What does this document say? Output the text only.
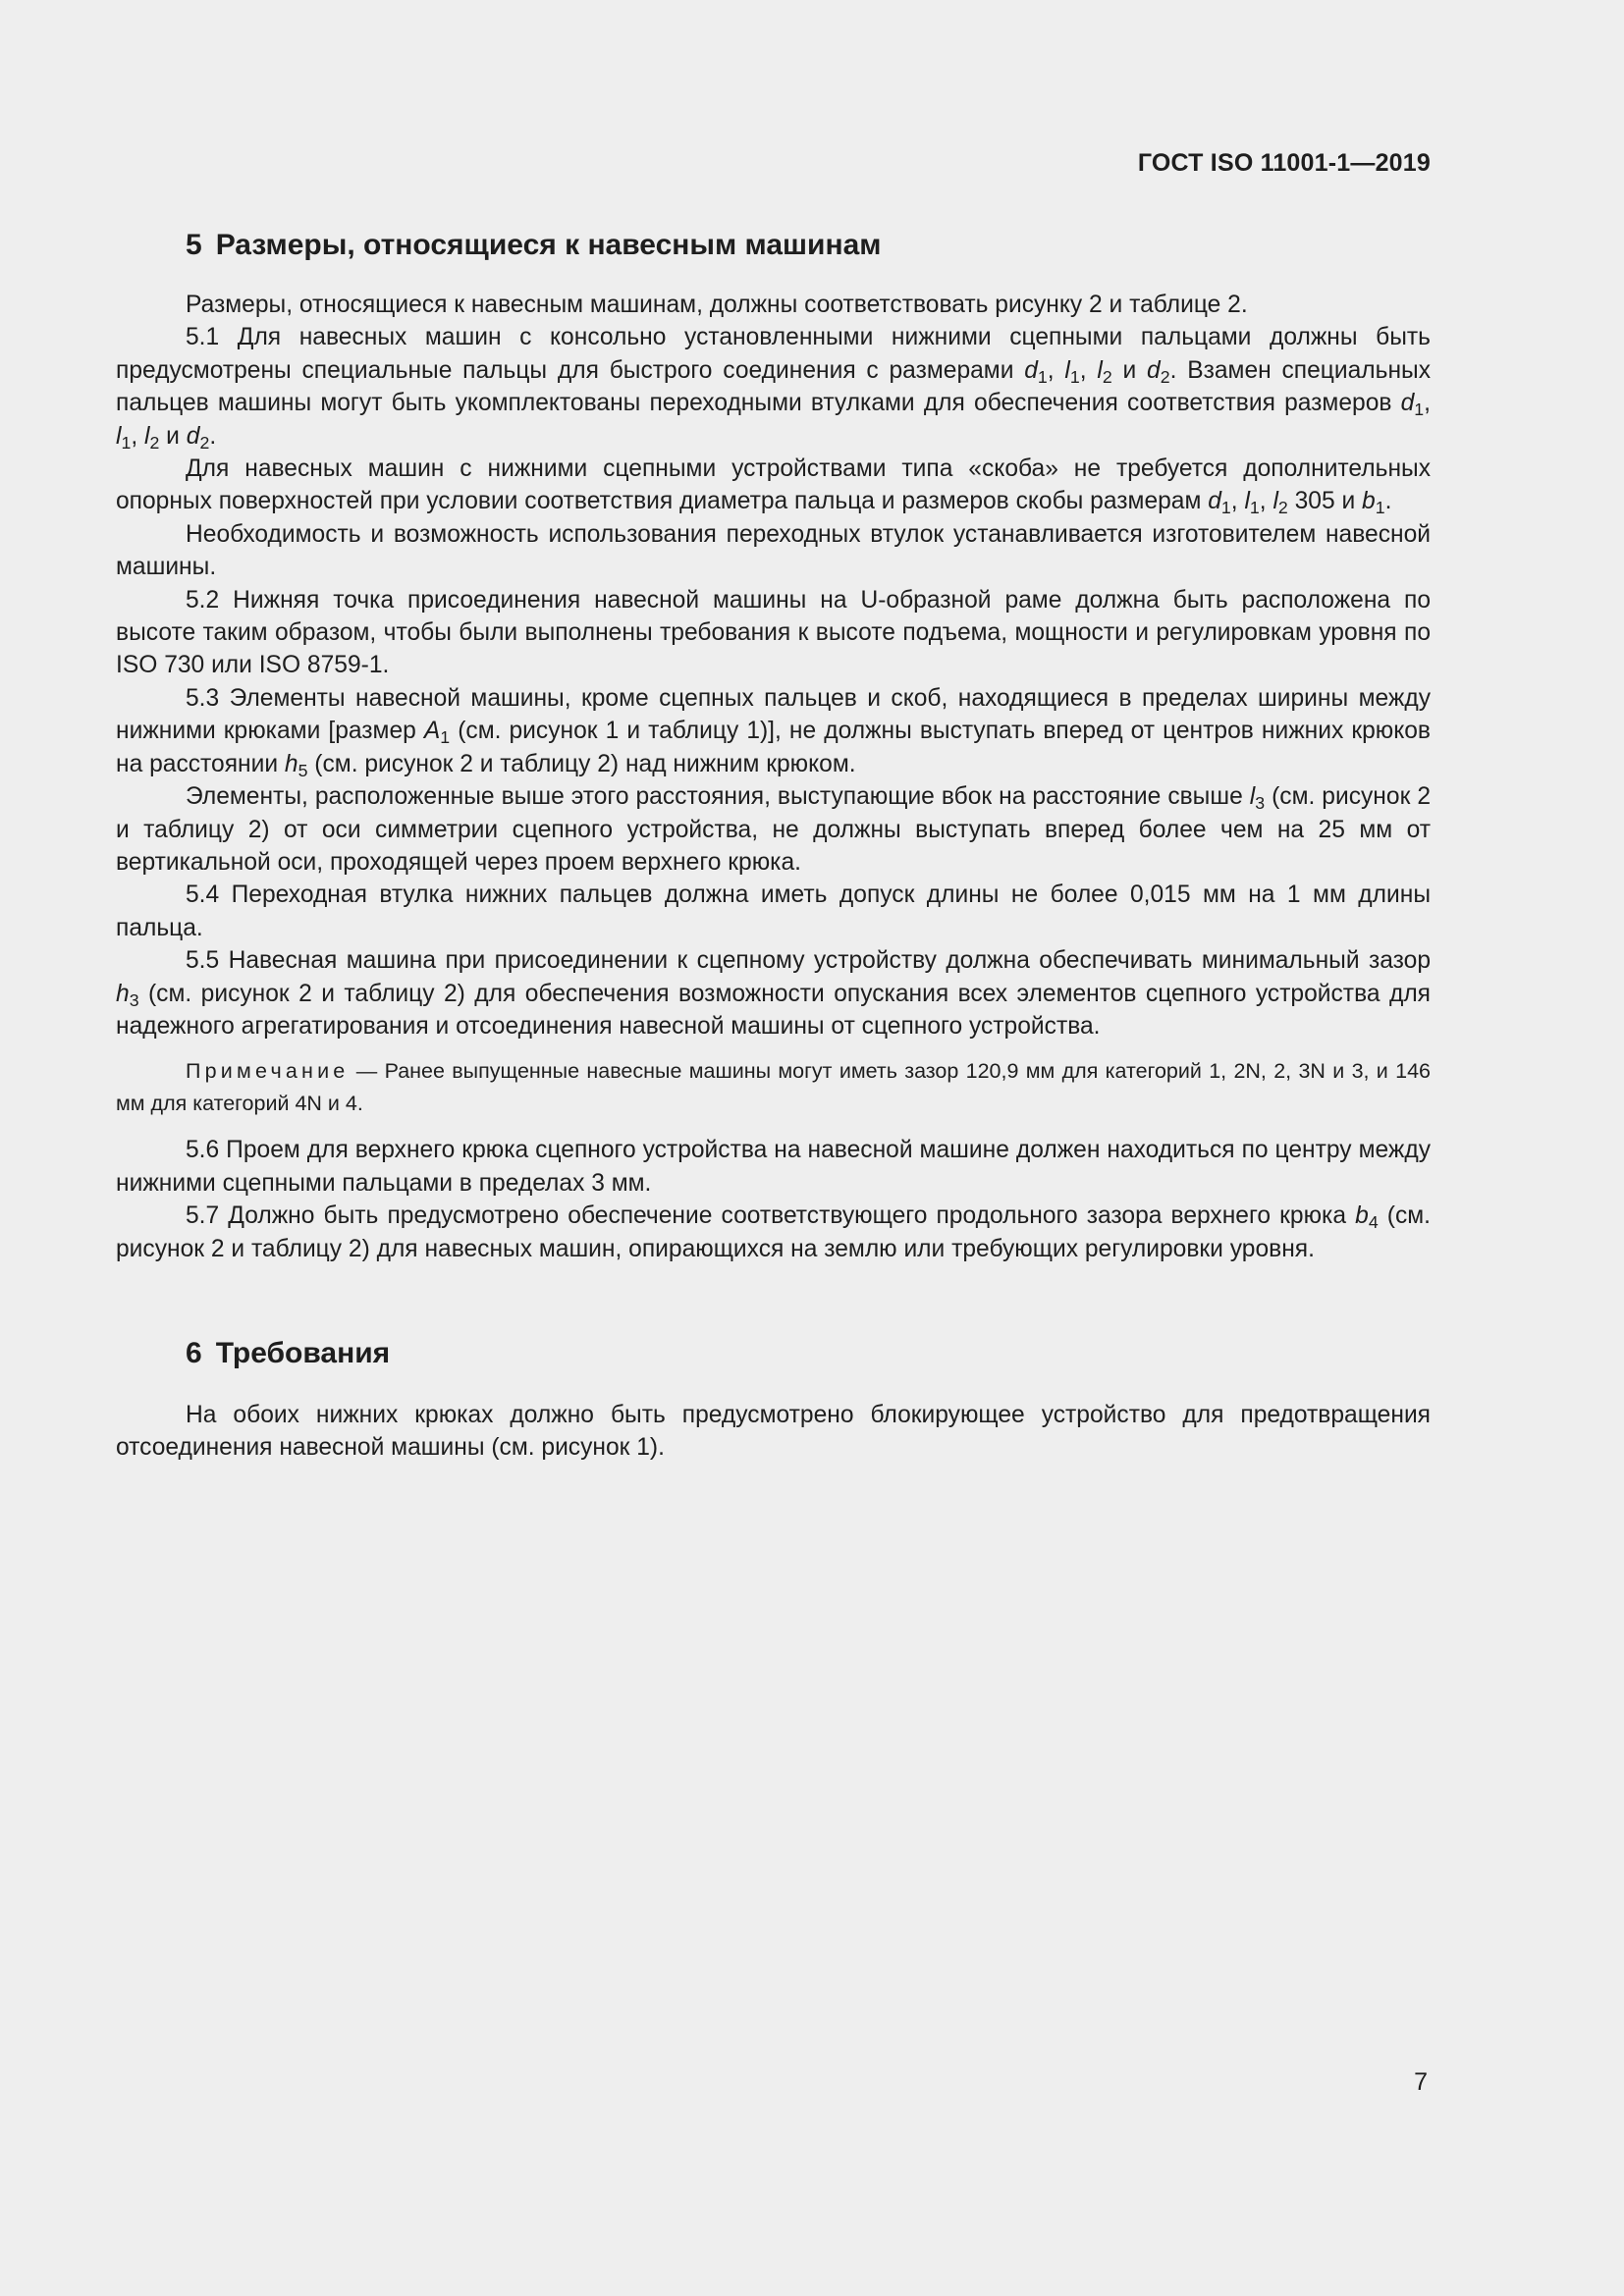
ГОСТ ISO 11001-1—2019
5 Размеры, относящиеся к навесным машинам

Размеры, относящиеся к навесным машинам, должны соответствовать рисунку 2 и таблице 2.

5.1 Для навесных машин с консольно установленными нижними сцепными пальцами должны быть предусмотрены специальные пальцы для быстрого соединения с размерами $d_1$, $l_1$, $l_2$ и $d_2$. Взамен специальных пальцев машины могут быть укомплектованы переходными втулками для обеспечения соответствия размеров $d_1$, $l_1$, $l_2$ и $d_2$.

Для навесных машин с нижними сцепными устройствами типа «скоба» не требуется дополнительных опорных поверхностей при условии соответствия диаметра пальца и размеров скобы размерам $d_1$, $l_1$, $l_2$ 305 и $b_1$.

Необходимость и возможность использования переходных втулок устанавливается изготовителем навесной машины.

5.2 Нижняя точка присоединения навесной машины на U-образной раме должна быть расположена по высоте таким образом, чтобы были выполнены требования к высоте подъема, мощности и регулировкам уровня по ISO 730 или ISO 8759-1.

5.3 Элементы навесной машины, кроме сцепных пальцев и скоб, находящиеся в пределах ширины между нижними крюками [размер $A_1$ (см. рисунок 1 и таблицу 1)], не должны выступать вперед от центров нижних крюков на расстоянии $h_5$ (см. рисунок 2 и таблицу 2) над нижним крюком.

Элементы, расположенные выше этого расстояния, выступающие вбок на расстояние свыше $l_3$ (см. рисунок 2 и таблицу 2) от оси симметрии сцепного устройства, не должны выступать вперед более чем на 25 мм от вертикальной оси, проходящей через проем верхнего крюка.

5.4 Переходная втулка нижних пальцев должна иметь допуск длины не более 0,015 мм на 1 мм длины пальца.

5.5 Навесная машина при присоединении к сцепному устройству должна обеспечивать минимальный зазор $h_3$ (см. рисунок 2 и таблицу 2) для обеспечения возможности опускания всех элементов сцепного устройства для надежного агрегатирования и отсоединения навесной машины от сцепного устройства.

Примечание — Ранее выпущенные навесные машины могут иметь зазор 120,9 мм для категорий 1, 2N, 2, 3N и 3, и 146 мм для категорий 4N и 4.

5.6 Проем для верхнего крюка сцепного устройства на навесной машине должен находиться по центру между нижними сцепными пальцами в пределах 3 мм.

5.7 Должно быть предусмотрено обеспечение соответствующего продольного зазора верхнего крюка $b_4$ (см. рисунок 2 и таблицу 2) для навесных машин, опирающихся на землю или требующих регулировки уровня.

6 Требования

На обоих нижних крюках должно быть предусмотрено блокирующее устройство для предотвращения отсоединения навесной машины (см. рисунок 1).

7
